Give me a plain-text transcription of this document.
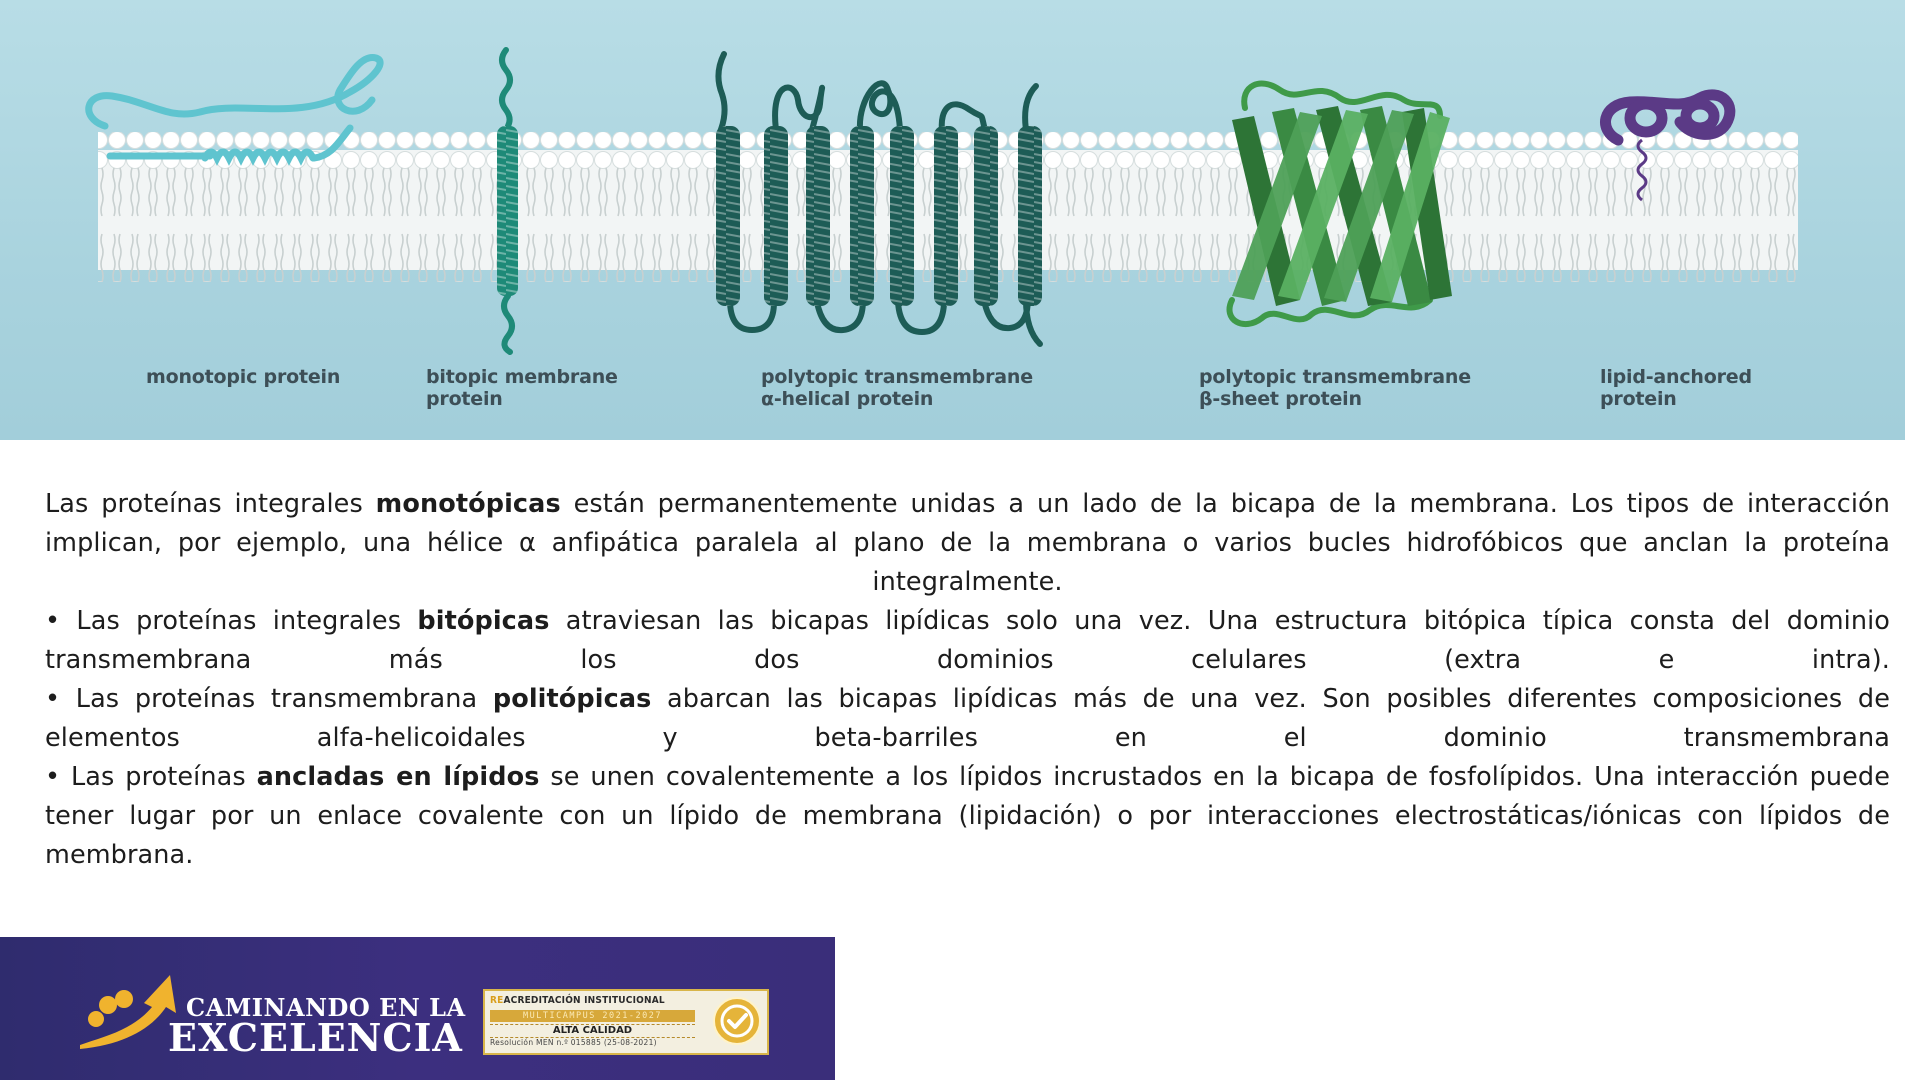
monotopic protein	bitopic membrane
protein
polytopic transmembrane
α-helical protein
polytopic transmembrane
β-sheet protein
lipid-anchored
protein

Las proteínas integrales monotópicas están permanentemente unidas a un lado de la bicapa de la membrana. Los tipos de interacción implican, por ejemplo, una hélice α anfipática paralela al plano de la membrana o varios bucles hidrofóbicos que anclan la proteína integralmente.

• Las proteínas integrales bitópicas atraviesan las bicapas lipídicas solo una vez. Una estructura bitópica típica consta del dominio transmembrana más los dos dominios celulares (extra e intra).

• Las proteínas transmembrana politópicas abarcan las bicapas lipídicas más de una vez. Son posibles diferentes composiciones de elementos alfa-helicoidales y beta-barriles en el dominio transmembrana

• Las proteínas ancladas en lípidos se unen covalentemente a los lípidos incrustados en la bicapa de fosfolípidos. Una interacción puede tener lugar por un enlace covalente con un lípido de membrana (lipidación) o por interacciones electrostáticas/iónicas con lípidos de membrana.

CAMINANDO EN LA
EXCELENCIA
REACREDITACIÓN INSTITUCIONAL
MULTICAMPUS 2021-2027
ALTA CALIDAD
Resolución MEN n.º 015885 (25-08-2021)
